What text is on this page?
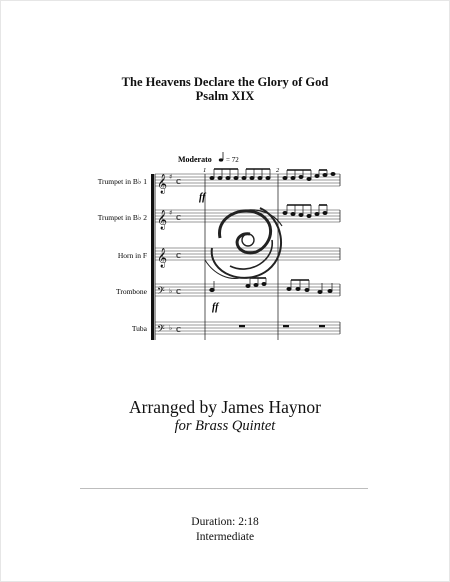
The Heavens Declare the Glory of God
Psalm XIX
Moderato = 72
1	2
Trumpet in B♭ 1
Trumpet in B♭ 2
Horn in F
Trombone
Tuba
𝄞
𝄞
𝄞
𝄢
𝄢
♯
♯
♭
♭
c
c
c
c
c
ff
ff
Arranged by James Haynor
for Brass Quintet
Duration: 2:18
Intermediate
